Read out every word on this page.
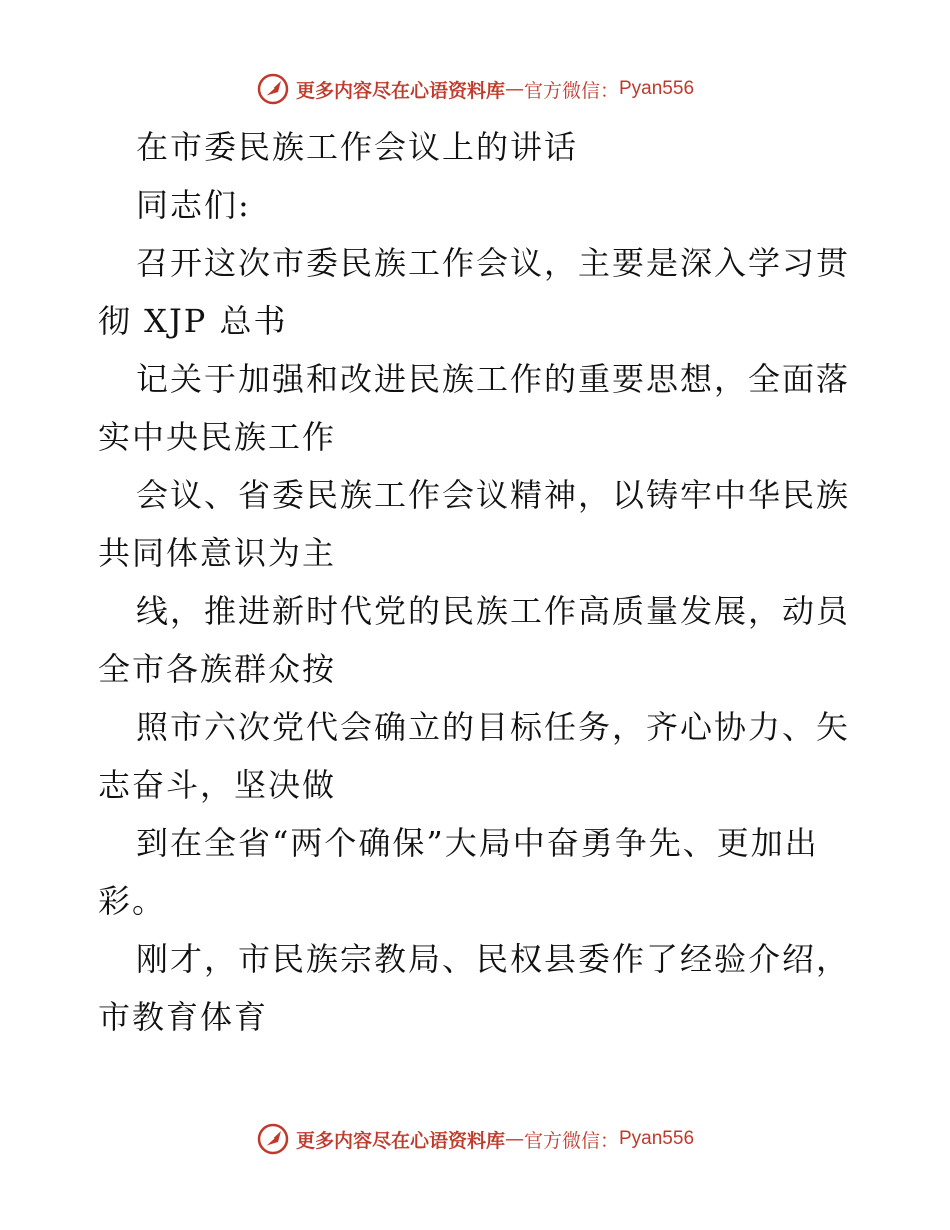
更多内容尽在心语资料库 — 官方微信： Pyan556
在市委民族工作会议上的讲话
同志们:
召开这次市委民族工作会议，主要是深入学习贯
彻 XJP 总书
记关于加强和改进民族工作的重要思想，全面落
实中央民族工作
会议、省委民族工作会议精神，以铸牢中华民族
共同体意识为主
线，推进新时代党的民族工作高质量发展，动员
全市各族群众按
照市六次党代会确立的目标任务，齐心协力、矢
志奋斗，坚决做
到在全省“两个确保”大局中奋勇争先、更加出
彩。
刚才，市民族宗教局、民权县委作了经验介绍，
市教育体育
更多内容尽在心语资料库 — 官方微信： Pyan556
